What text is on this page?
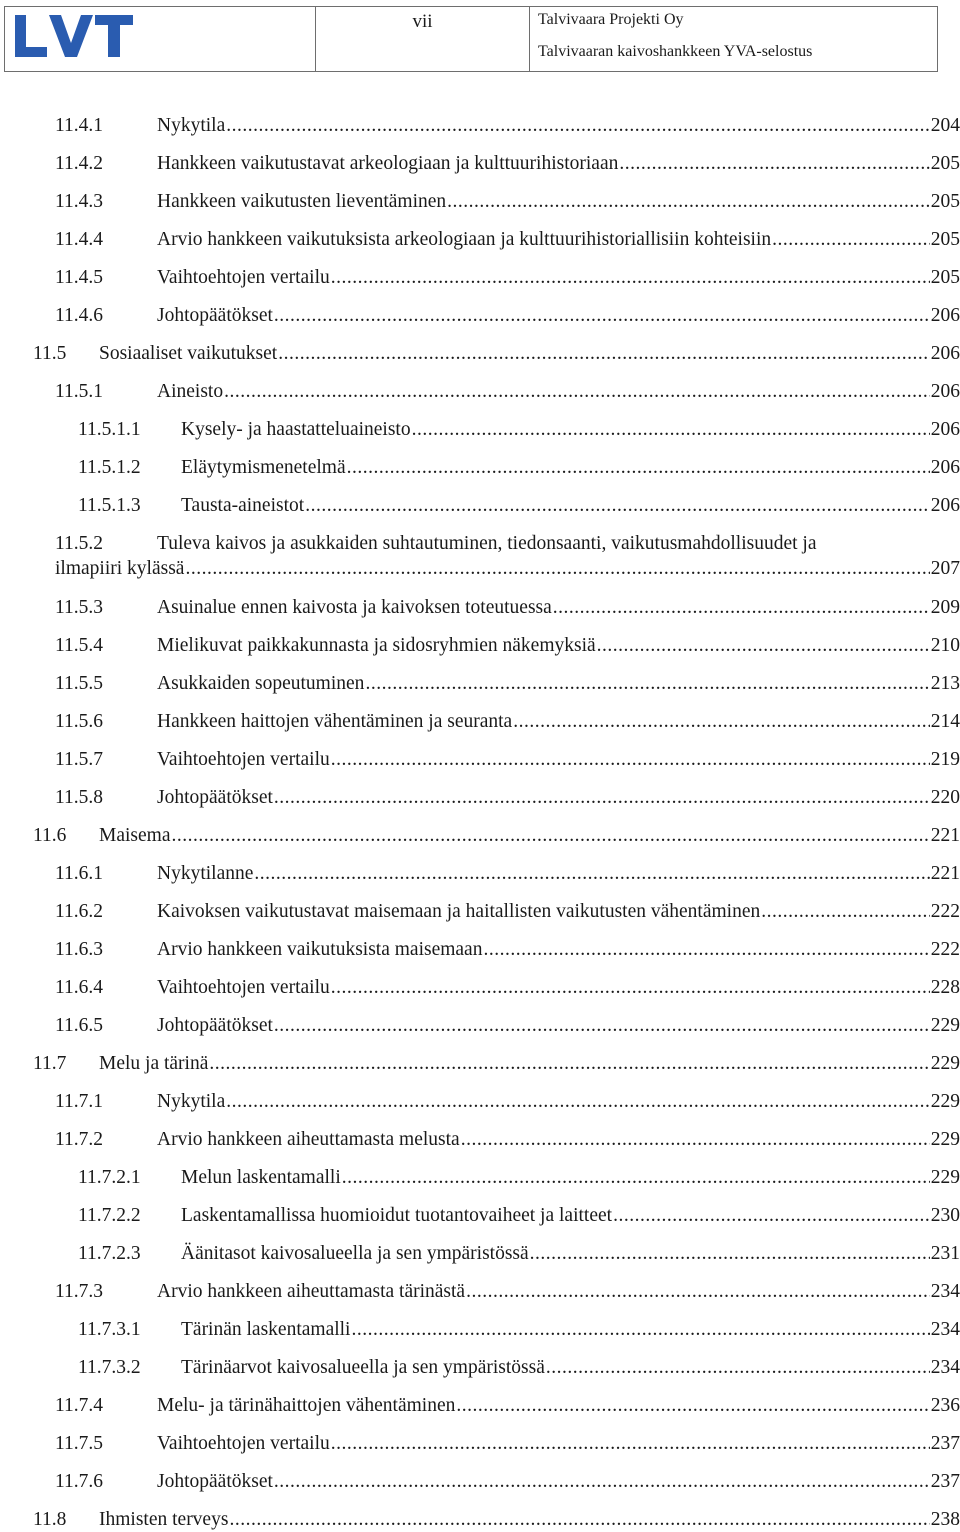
vii	Talvivaara Projekti Oy
Talvivaaran kaivoshankkeen YVA-selostus
11.4.1	Nykytila .....	204
11.4.2	Hankkeen vaikutustavat arkeologiaan ja kulttuurihistoriaan .....	205
11.4.3	Hankkeen vaikutusten lieventäminen .....	205
11.4.4	Arvio hankkeen vaikutuksista arkeologiaan ja kulttuurihistoriallisiin kohteisiin .....	205
11.4.5	Vaihtoehtojen vertailu .....	205
11.4.6	Johtopäätökset .....	206
11.5	Sosiaaliset vaikutukset .....	206
11.5.1	Aineisto .....	206
11.5.1.1	Kysely- ja haastatteluaineisto .....	206
11.5.1.2	Eläytymismenetelmä .....	206
11.5.1.3	Tausta-aineistot .....	206
11.5.2	Tuleva kaivos ja asukkaiden suhtautuminen, tiedonsaanti, vaikutusmahdollisuudet ja
ilmapiiri kylässä .....	207
11.5.3	Asuinalue ennen kaivosta ja kaivoksen toteutuessa .....	209
11.5.4	Mielikuvat paikkakunnasta ja sidosryhmien näkemyksiä .....	210
11.5.5	Asukkaiden sopeutuminen .....	213
11.5.6	Hankkeen haittojen vähentäminen ja seuranta .....	214
11.5.7	Vaihtoehtojen vertailu .....	219
11.5.8	Johtopäätökset .....	220
11.6	Maisema .....	221
11.6.1	Nykytilanne .....	221
11.6.2	Kaivoksen vaikutustavat maisemaan ja haitallisten vaikutusten vähentäminen .....	222
11.6.3	Arvio hankkeen vaikutuksista maisemaan .....	222
11.6.4	Vaihtoehtojen vertailu .....	228
11.6.5	Johtopäätökset .....	229
11.7	Melu ja tärinä .....	229
11.7.1	Nykytila .....	229
11.7.2	Arvio hankkeen aiheuttamasta melusta .....	229
11.7.2.1	Melun laskentamalli .....	229
11.7.2.2	Laskentamallissa huomioidut tuotantovaiheet ja laitteet .....	230
11.7.2.3	Äänitasot kaivosalueella ja sen ympäristössä .....	231
11.7.3	Arvio hankkeen aiheuttamasta tärinästä .....	234
11.7.3.1	Tärinän laskentamalli .....	234
11.7.3.2	Tärinäarvot kaivosalueella ja sen ympäristössä .....	234
11.7.4	Melu- ja tärinähaittojen vähentäminen .....	236
11.7.5	Vaihtoehtojen vertailu .....	237
11.7.6	Johtopäätökset .....	237
11.8	Ihmisten terveys .....	238
